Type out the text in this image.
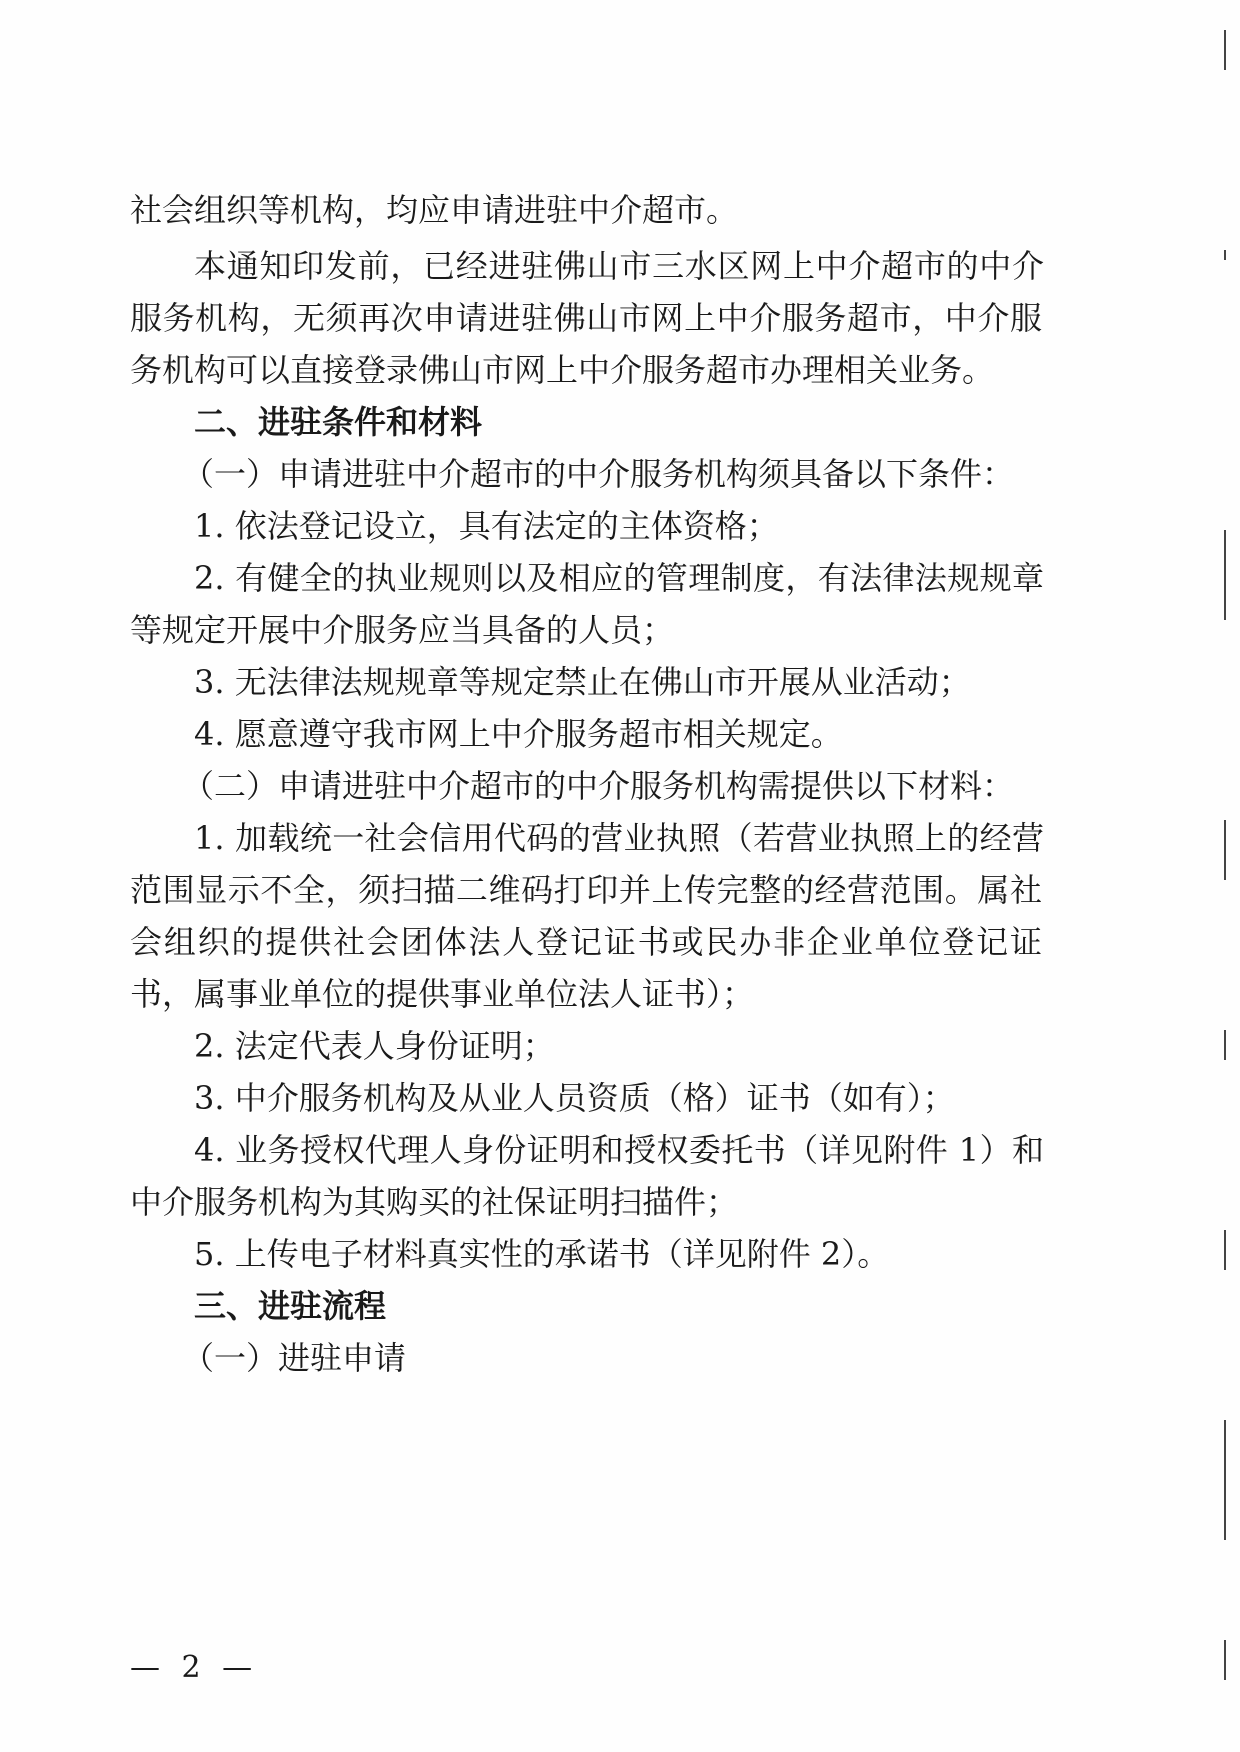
社会组织等机构，均应申请进驻中介超市。
本通知印发前，已经进驻佛山市三水区网上中介超市的中介
服务机构，无须再次申请进驻佛山市网上中介服务超市，中介服
务机构可以直接登录佛山市网上中介服务超市办理相关业务。
二、进驻条件和材料
（一）申请进驻中介超市的中介服务机构须具备以下条件：
1. 依法登记设立，具有法定的主体资格；
2. 有健全的执业规则以及相应的管理制度，有法律法规规章
等规定开展中介服务应当具备的人员；
3. 无法律法规规章等规定禁止在佛山市开展从业活动；
4. 愿意遵守我市网上中介服务超市相关规定。
（二）申请进驻中介超市的中介服务机构需提供以下材料：
1. 加载统一社会信用代码的营业执照（若营业执照上的经营
范围显示不全，须扫描二维码打印并上传完整的经营范围。属社
会组织的提供社会团体法人登记证书或民办非企业单位登记证
书，属事业单位的提供事业单位法人证书）；
2. 法定代表人身份证明；
3. 中介服务机构及从业人员资质（格）证书（如有）；
4. 业务授权代理人身份证明和授权委托书（详见附件 1）和
中介服务机构为其购买的社保证明扫描件；
5. 上传电子材料真实性的承诺书（详见附件 2）。
三、进驻流程
（一）进驻申请
— 2 —
